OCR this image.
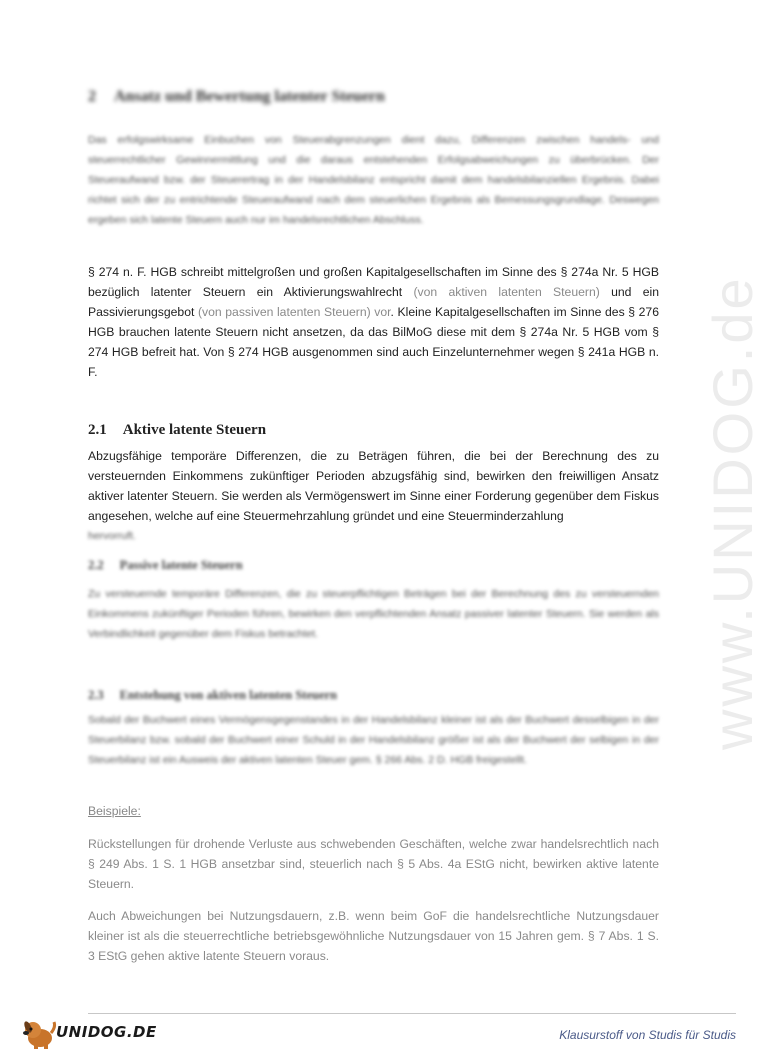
www.UNIDOG.de
2 Ansatz und Bewertung latenter Steuern

Das erfolgswirksame Einbuchen von Steuerabgrenzungen dient dazu, Differenzen zwischen handels- und steuerrechtlicher Gewinnermittlung und die daraus entstehenden Erfolgsabweichungen zu überbrücken. Der Steueraufwand bzw. der Steuerertrag in der Handelsbilanz entspricht damit dem handelsbilanziellen Ergebnis. Dabei richtet sich der zu entrichtende Steueraufwand nach dem steuerlichen Ergebnis als Bemessungsgrundlage. Deswegen ergeben sich latente Steuern auch nur im handelsrechtlichen Abschluss.

§ 274 n. F. HGB schreibt mittelgroßen und großen Kapitalgesellschaften im Sinne des § 274a Nr. 5 HGB bezüglich latenter Steuern ein Aktivierungswahlrecht (von aktiven latenten Steuern) und ein Passivierungsgebot (von passiven latenten Steuern) vor. Kleine Kapitalgesellschaften im Sinne des § 276 HGB brauchen latente Steuern nicht ansetzen, da das BilMoG diese mit dem § 274a Nr. 5 HGB vom § 274 HGB befreit hat. Von § 274 HGB ausgenommen sind auch Einzelunternehmer wegen § 241a HGB n. F.

2.1 Aktive latente Steuern

Abzugsfähige temporäre Differenzen, die zu Beträgen führen, die bei der Berechnung des zu versteuernden Einkommens zukünftiger Perioden abzugsfähig sind, bewirken den freiwilligen Ansatz aktiver latenter Steuern. Sie werden als Vermögenswert im Sinne einer Forderung gegenüber dem Fiskus angesehen, welche auf eine Steuermehrzahlung gründet und eine Steuerminderzahlung

hervorruft.

2.2 Passive latente Steuern

Zu versteuernde temporäre Differenzen, die zu steuerpflichtigen Beträgen bei der Berechnung des zu versteuernden Einkommens zukünftiger Perioden führen, bewirken den verpflichtenden Ansatz passiver latenter Steuern. Sie werden als Verbindlichkeit gegenüber dem Fiskus betrachtet.

2.3 Entstehung von aktiven latenten Steuern

Sobald der Buchwert eines Vermögensgegenstandes in der Handelsbilanz kleiner ist als der Buchwert desselbigen in der Steuerbilanz bzw. sobald der Buchwert einer Schuld in der Handelsbilanz größer ist als der Buchwert der selbigen in der Steuerbilanz ist ein Ausweis der aktiven latenten Steuer gem. § 266 Abs. 2 D. HGB freigestellt.

Beispiele:

Rückstellungen für drohende Verluste aus schwebenden Geschäften, welche zwar handelsrechtlich nach § 249 Abs. 1 S. 1 HGB ansetzbar sind, steuerlich nach § 5 Abs. 4a EStG nicht, bewirken aktive latente Steuern.

Auch Abweichungen bei Nutzungsdauern, z.B. wenn beim GoF die handelsrechtliche Nutzungsdauer kleiner ist als die steuerrechtliche betriebsgewöhnliche Nutzungsdauer von 15 Jahren gem. § 7 Abs. 1 S. 3 EStG gehen aktive latente Steuern voraus.

UNIDOG.DE	Klausurstoff von Studis für Studis
